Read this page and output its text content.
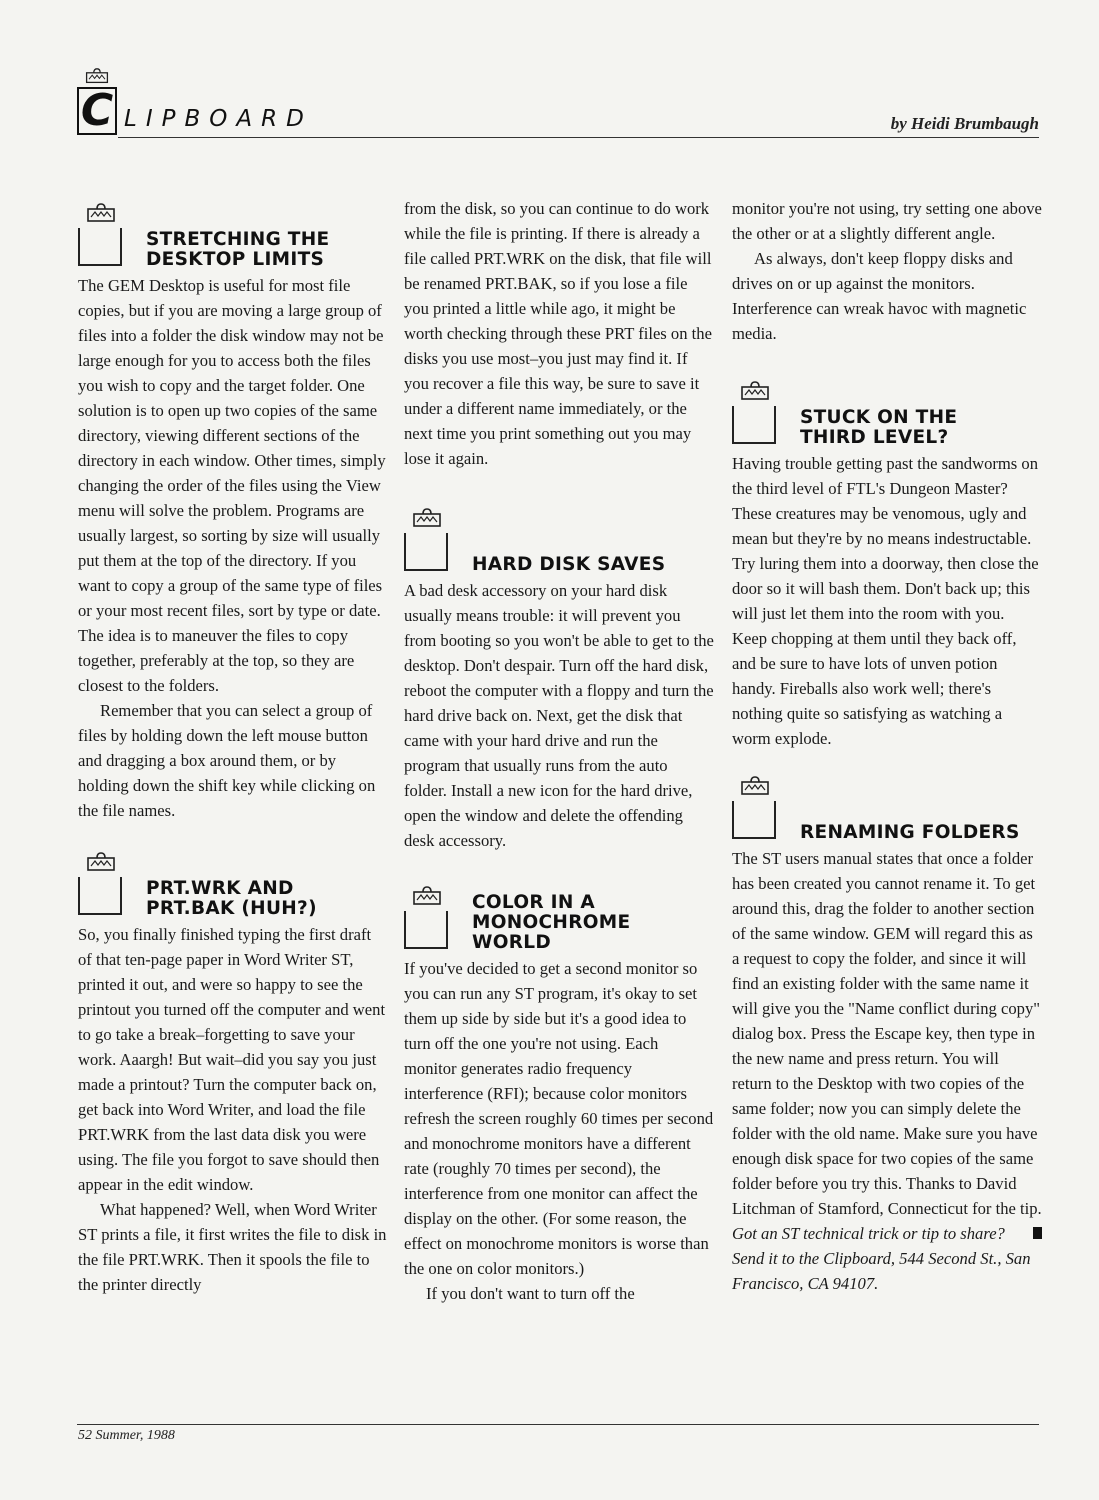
C LIPBOARD	by Heidi Brumbaugh
STRETCHING THE
DESKTOP LIMITS

The GEM Desktop is useful for most file copies, but if you are moving a large group of files into a folder the disk window may not be large enough for you to access both the files you wish to copy and the target folder. One solution is to open up two copies of the same directory, viewing different sections of the directory in each window. Other times, simply changing the order of the files using the View menu will solve the problem. Programs are usually largest, so sorting by size will usually put them at the top of the directory. If you want to copy a group of the same type of files or your most recent files, sort by type or date. The idea is to maneuver the files to copy together, preferably at the top, so they are closest to the folders.

Remember that you can select a group of files by holding down the left mouse button and dragging a box around them, or by holding down the shift key while clicking on the file names.

PRT.WRK AND
PRT.BAK (HUH?)

So, you finally finished typing the first draft of that ten-page paper in Word Writer ST, printed it out, and were so happy to see the printout you turned off the computer and went to go take a break–forgetting to save your work. Aaargh! But wait–did you say you just made a printout? Turn the computer back on, get back into Word Writer, and load the file PRT.WRK from the last data disk you were using. The file you forgot to save should then appear in the edit window.

What happened? Well, when Word Writer ST prints a file, it first writes the file to disk in the file PRT.WRK. Then it spools the file to the printer directly

from the disk, so you can continue to do work while the file is printing. If there is already a file called PRT.WRK on the disk, that file will be renamed PRT.BAK, so if you lose a file you printed a little while ago, it might be worth checking through these PRT files on the disks you use most–you just may find it. If you recover a file this way, be sure to save it under a different name immediately, or the next time you print something out you may lose it again.

HARD DISK SAVES

A bad desk accessory on your hard disk usually means trouble: it will prevent you from booting so you won't be able to get to the desktop. Don't despair. Turn off the hard disk, reboot the computer with a floppy and turn the hard drive back on. Next, get the disk that came with your hard drive and run the program that usually runs from the auto folder. Install a new icon for the hard drive, open the window and delete the offending desk accessory.

COLOR IN A
MONOCHROME
WORLD

If you've decided to get a second monitor so you can run any ST program, it's okay to set them up side by side but it's a good idea to turn off the one you're not using. Each monitor generates radio frequency interference (RFI); because color monitors refresh the screen roughly 60 times per second and monochrome monitors have a different rate (roughly 70 times per second), the interference from one monitor can affect the display on the other. (For some reason, the effect on monochrome monitors is worse than the one on color monitors.)

If you don't want to turn off the

monitor you're not using, try setting one above the other or at a slightly different angle.

As always, don't keep floppy disks and drives on or up against the monitors. Interference can wreak havoc with magnetic media.

STUCK ON THE
THIRD LEVEL?

Having trouble getting past the sandworms on the third level of FTL's Dungeon Master? These creatures may be venomous, ugly and mean but they're by no means indestructable. Try luring them into a doorway, then close the door so it will bash them. Don't back up; this will just let them into the room with you. Keep chopping at them until they back off, and be sure to have lots of unven potion handy. Fireballs also work well; there's nothing quite so satisfying as watching a worm explode.

RENAMING FOLDERS

The ST users manual states that once a folder has been created you cannot rename it. To get around this, drag the folder to another section of the same window. GEM will regard this as a request to copy the folder, and since it will find an existing folder with the same name it will give you the "Name conflict during copy" dialog box. Press the Escape key, then type in the new name and press return. You will return to the Desktop with two copies of the same folder; now you can simply delete the folder with the old name. Make sure you have enough disk space for two copies of the same folder before you try this. Thanks to David Litchman of Stamford, Connecticut for the tip.

Got an ST technical trick or tip to share? Send it to the Clipboard, 544 Second St., San Francisco, CA 94107.

52 Summer, 1988
